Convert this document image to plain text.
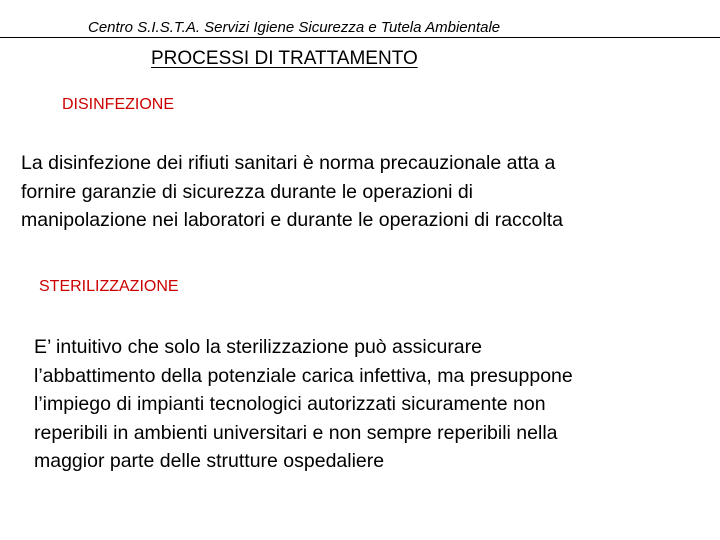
Centro S.I.S.T.A. Servizi Igiene Sicurezza e Tutela Ambientale
PROCESSI DI TRATTAMENTO
DISINFEZIONE
La disinfezione dei rifiuti sanitari è norma precauzionale atta a
fornire garanzie di sicurezza durante le operazioni di
manipolazione nei laboratori e durante le operazioni di raccolta
STERILIZZAZIONE
E’ intuitivo che solo la sterilizzazione può assicurare
l’abbattimento della potenziale carica infettiva, ma presuppone
l’impiego di impianti tecnologici autorizzati sicuramente non
reperibili in ambienti universitari e non sempre reperibili nella
maggior parte delle strutture ospedaliere
